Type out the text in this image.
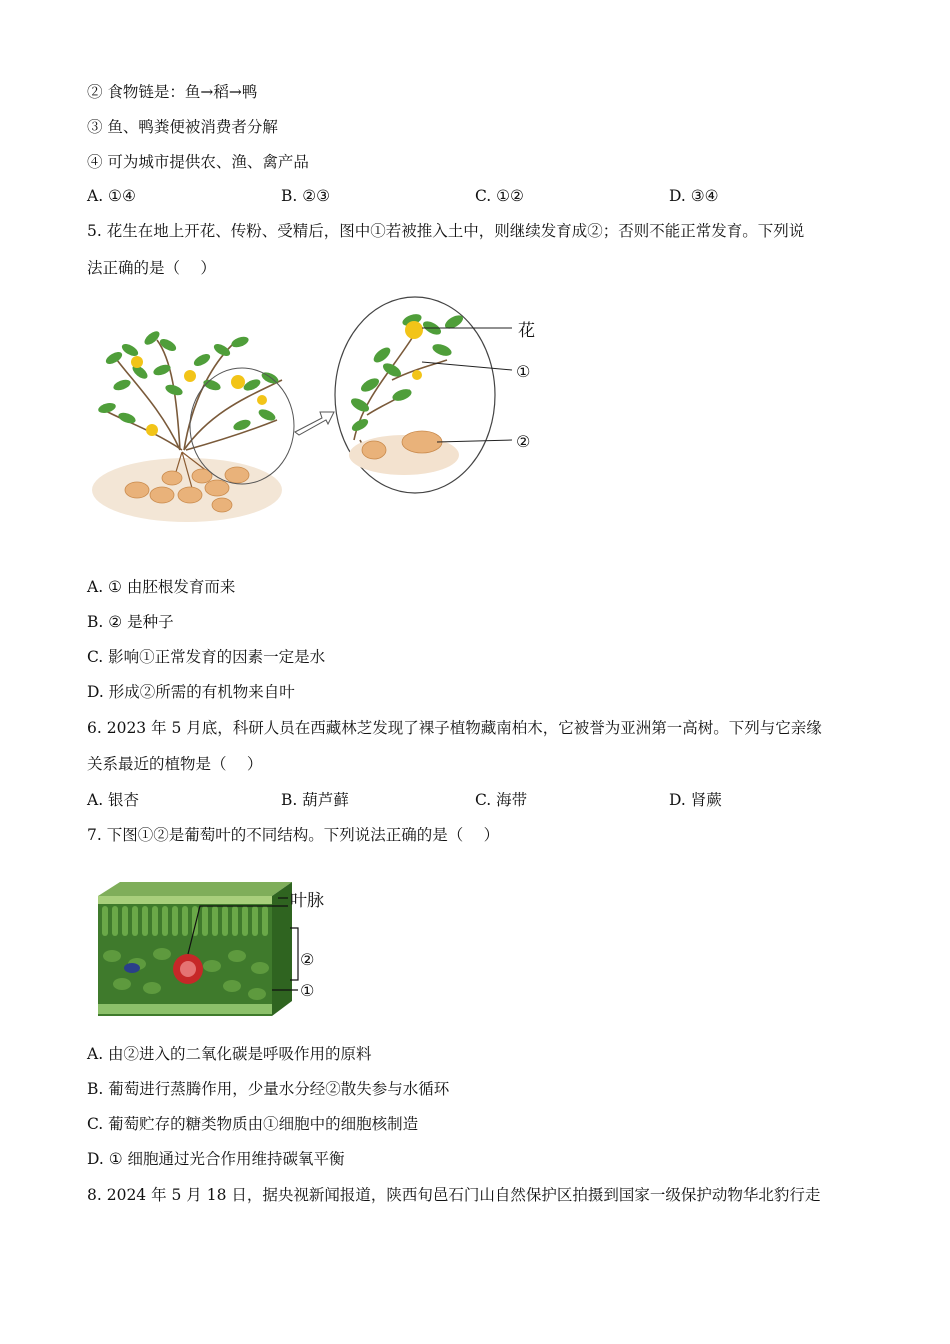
② 食物链是：鱼→稻→鸭
③ 鱼、鸭粪便被消费者分解
④ 可为城市提供农、渔、禽产品
A. ①④	B. ②③	C. ①②	D. ③④
5. 花生在地上开花、传粉、受精后，图中①若被推入土中，则继续发育成②；否则不能正常发育。下列说
法正确的是（　 ）
花
①
②
A. ① 由胚根发育而来
B. ② 是种子
C. 影响①正常发育的因素一定是水
D. 形成②所需的有机物来自叶
6. 2023 年 5 月底，科研人员在西藏林芝发现了裸子植物藏南柏木，它被誉为亚洲第一高树。下列与它亲缘
关系最近的植物是（　 ）
A. 银杏	B. 葫芦藓	C. 海带	D. 肾蕨
7. 下图①②是葡萄叶的不同结构。下列说法正确的是（　 ）
叶脉
②
①
A. 由②进入的二氧化碳是呼吸作用的原料
B. 葡萄进行蒸腾作用，少量水分经②散失参与水循环
C. 葡萄贮存的糖类物质由①细胞中的细胞核制造
D. ① 细胞通过光合作用维持碳氧平衡
8. 2024 年 5 月 18 日，据央视新闻报道，陕西旬邑石门山自然保护区拍摄到国家一级保护动物华北豹行走
